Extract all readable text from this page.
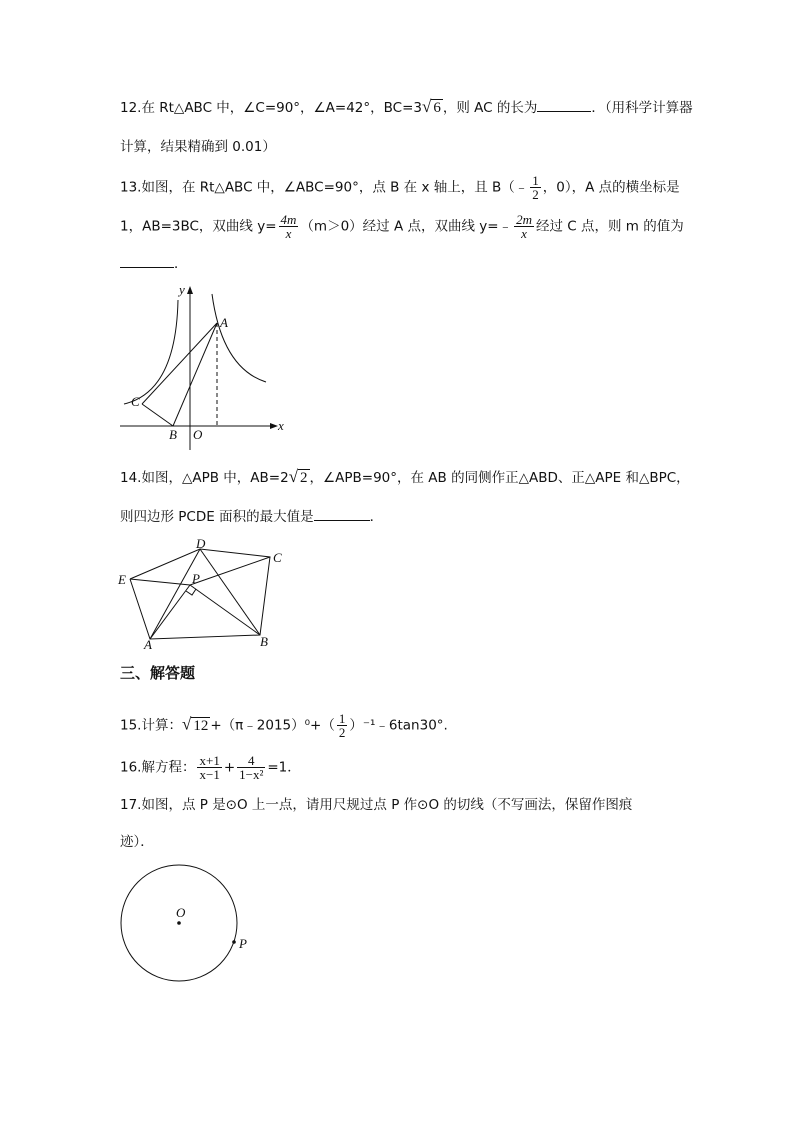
12.在 Rt△ABC 中，∠C=90°，∠A=42°，BC=3√ 6 ，则 AC 的长为	．（用科学计算器
计算，结果精确到 0.01）
13.如图，在 Rt△ABC 中，∠ABC=90°，点 B 在 x 轴上，且 B（﹣ $\frac{1}{2}$ ，0），A 点的横坐标是
1，AB=3BC，双曲线 $y= \frac{4m}{x} (m>0)$经过 A 点，双曲线 y=﹣ $\frac{2m}{x}$ 经过 C 点，则 m 的值为
．
y
x
A
C
B O
14.如图，△APB 中，AB=2√ 2 ，∠APB=90°，在 AB 的同侧作正△ABD、正△APE 和△BPC，
则四边形 PCDE 面积的最大值是	．
D
C
E	P
A	B
三、解答题
15.计算：√ 12 +（π﹣2015）⁰+（ $\frac{1}{2}$ ）⁻¹﹣6tan30°.
16.解方程： $\frac{x+1}{x-1} + \frac{4}{\text{1−x²}} =1$．
17.如图，点 P 是⊙O 上一点，请用尺规过点 P 作⊙O 的切线（不写画法，保留作图痕
迹）．
O
P
